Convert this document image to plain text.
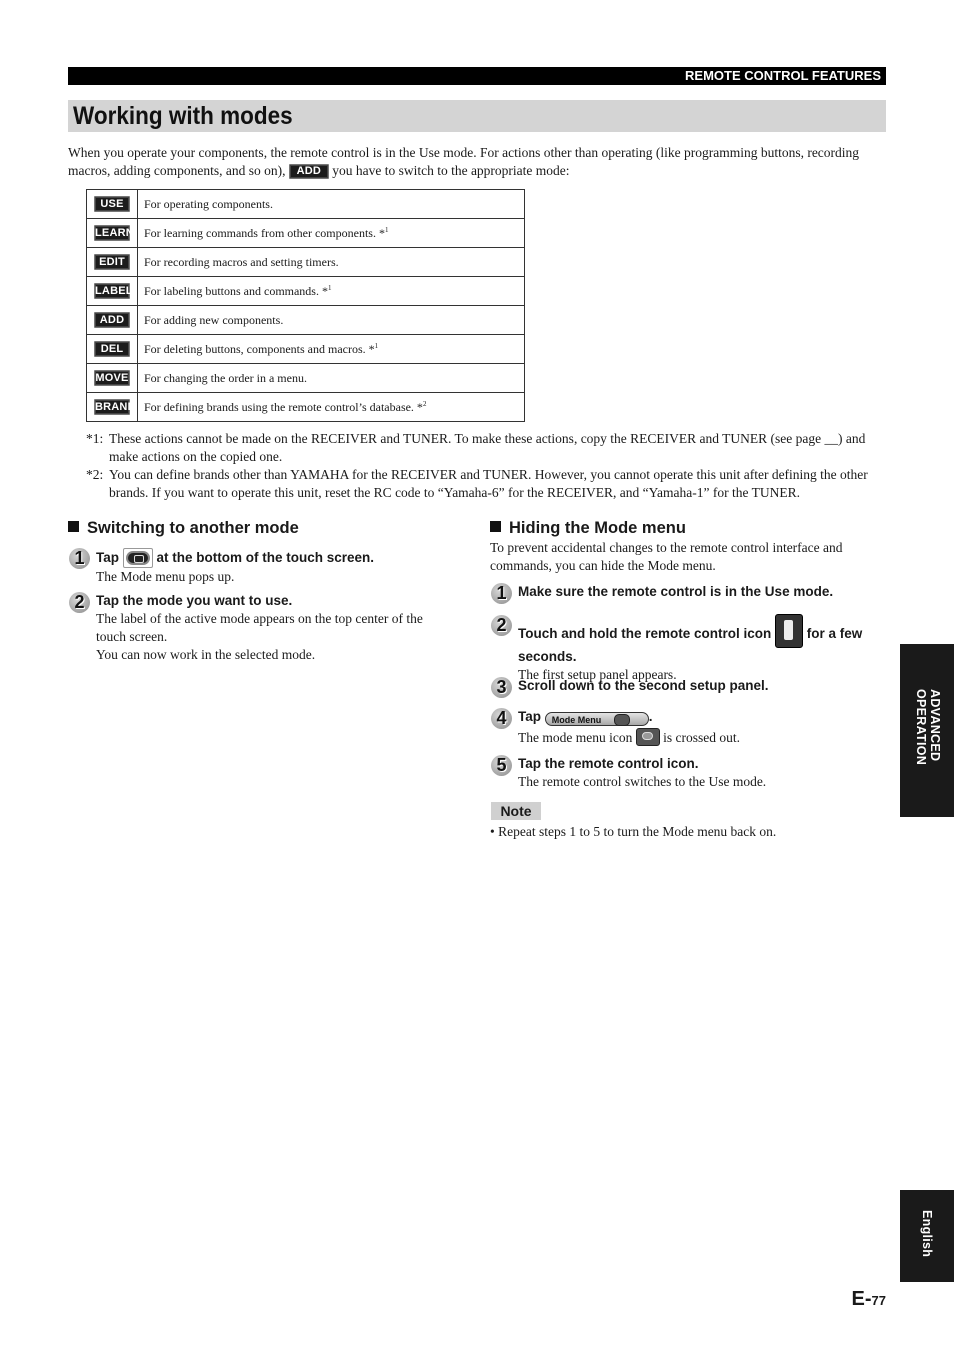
REMOTE CONTROL FEATURES
Working with modes
When you operate your components, the remote control is in the Use mode. For actions other than operating (like programming buttons, recording macros, adding components, and so on), ADD you have to switch to the appropriate mode:
USE	For operating components.
LEARN	For learning commands from other components. *$^1$
EDIT	For recording macros and setting timers.
LABEL	For labeling buttons and commands. *$^1$
ADD	For adding new components.
DEL	For deleting buttons, components and macros. *$^1$
MOVE	For changing the order in a menu.
BRAND	For defining brands using the remote control’s database. *$^2$
*1: These actions cannot be made on the RECEIVER and TUNER. To make these actions, copy the RECEIVER and TUNER (see page __) and make actions on the copied one.
*2: You can define brands other than YAMAHA for the RECEIVER and TUNER. However, you cannot operate this unit after defining the other brands. If you want to operate this unit, reset the RC code to “Yamaha-6” for the RECEIVER, and “Yamaha-1” for the TUNER.
Switching to another mode
1 Tap	at the bottom of the touch screen.
The Mode menu pops up.
2 Tap the mode you want to use.
The label of the active mode appears on the top center of the touch screen.
You can now work in the selected mode.
Hiding the Mode menu
To prevent accidental changes to the remote control interface and commands, you can hide the Mode menu.
1 Make sure the remote control is in the Use mode.
2 Touch and hold the remote control icon	for a few seconds.
The first setup panel appears.
3 Scroll down to the second setup panel.
4 Tap Mode Menu	.
The mode menu icon is crossed out.
5 Tap the remote control icon.
The remote control switches to the Use mode.
Note
• Repeat steps 1 to 5 to turn the Mode menu back on.
ADVANCED OPERATION
English
E-77
